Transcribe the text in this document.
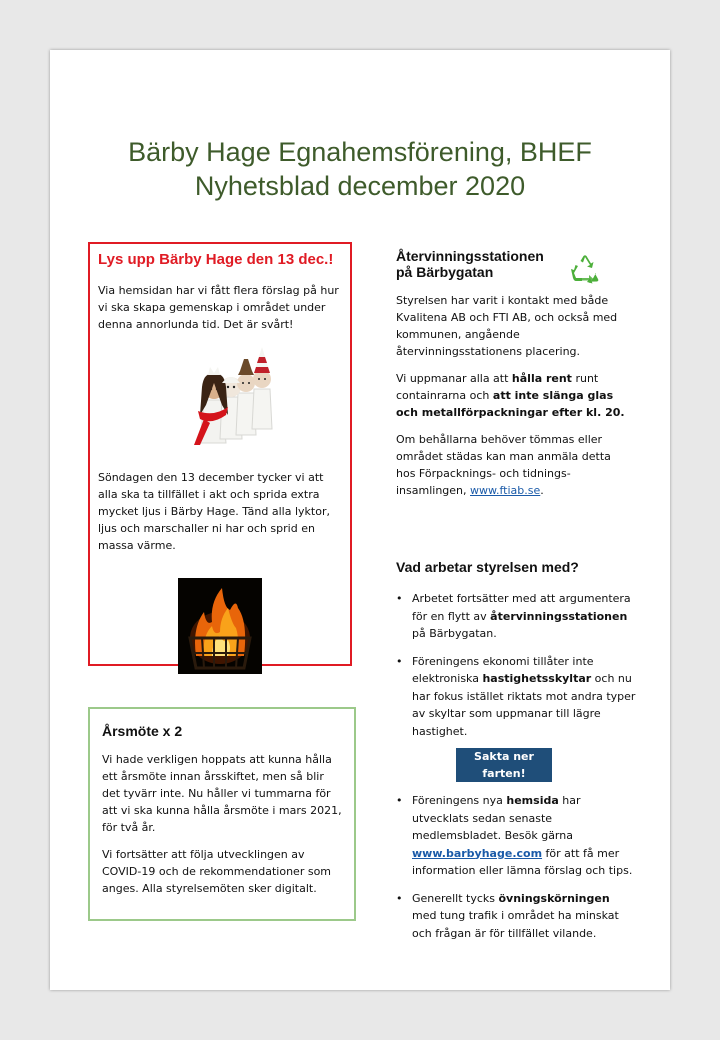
Bärby Hage Egnahemsförening, BHEF
Nyhetsblad december 2020
Lys upp Bärby Hage den 13 dec.!

Via hemsidan har vi fått flera förslag på hur vi ska skapa gemenskap i området under denna annorlunda tid. Det är svårt!

Söndagen den 13 december tycker vi att alla ska ta tillfället i akt och sprida extra mycket ljus i Bärby Hage. Tänd alla lyktor, ljus och marschaller ni har och sprid en massa värme.

Årsmöte x 2

Vi hade verkligen hoppats att kunna hålla ett årsmöte innan årsskiftet, men så blir det tyvärr inte. Nu håller vi tummarna för att vi ska kunna hålla årsmöte i mars 2021, för två år.

Vi fortsätter att följa utvecklingen av COVID-19 och de rekommendationer som anges. Alla styrelsemöten sker digitalt.

Återvinningsstationen
på Bärbygatan

Styrelsen har varit i kontakt med både Kvalitena AB och FTI AB, och också med kommunen, angående återvinningsstationens placering.

Vi uppmanar alla att hålla rent runt containrarna och att inte slänga glas och metallförpackningar efter kl. 20.

Om behållarna behöver tömmas eller området städas kan man anmäla detta hos Förpacknings- och tidnings-insamlingen, www.ftiab.se.

Vad arbetar styrelsen med?
• Arbetet fortsätter med att argumentera för en flytt av återvinningsstationen på Bärbygatan.
• Föreningens ekonomi tillåter inte elektroniska hastighetsskyltar och nu har fokus istället riktats mot andra typer av skyltar som uppmanar till lägre hastighet.
Sakta ner farten!
• Föreningens nya hemsida har utvecklats sedan senaste medlemsbladet. Besök gärna www.barbyhage.com för att få mer information eller lämna förslag och tips.
• Generellt tycks övningskörningen med tung trafik i området ha minskat och frågan är för tillfället vilande.
